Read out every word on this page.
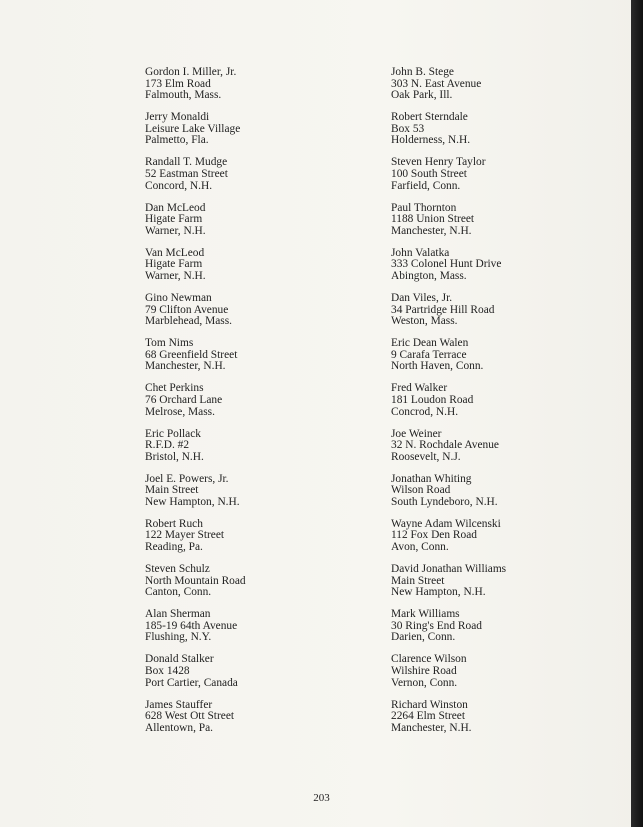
Gordon I. Miller, Jr.
173 Elm Road
Falmouth, Mass.
Jerry Monaldi
Leisure Lake Village
Palmetto, Fla.
Randall T. Mudge
52 Eastman Street
Concord, N.H.
Dan McLeod
Higate Farm
Warner, N.H.
Van McLeod
Higate Farm
Warner, N.H.
Gino Newman
79 Clifton Avenue
Marblehead, Mass.
Tom Nims
68 Greenfield Street
Manchester, N.H.
Chet Perkins
76 Orchard Lane
Melrose, Mass.
Eric Pollack
R.F.D. #2
Bristol, N.H.
Joel E. Powers, Jr.
Main Street
New Hampton, N.H.
Robert Ruch
122 Mayer Street
Reading, Pa.
Steven Schulz
North Mountain Road
Canton, Conn.
Alan Sherman
185-19 64th Avenue
Flushing, N.Y.
Donald Stalker
Box 1428
Port Cartier, Canada
James Stauffer
628 West Ott Street
Allentown, Pa.
John B. Stege
303 N. East Avenue
Oak Park, Ill.
Robert Sterndale
Box 53
Holderness, N.H.
Steven Henry Taylor
100 South Street
Farfield, Conn.
Paul Thornton
1188 Union Street
Manchester, N.H.
John Valatka
333 Colonel Hunt Drive
Abington, Mass.
Dan Viles, Jr.
34 Partridge Hill Road
Weston, Mass.
Eric Dean Walen
9 Carafa Terrace
North Haven, Conn.
Fred Walker
181 Loudon Road
Concrod, N.H.
Joe Weiner
32 N. Rochdale Avenue
Roosevelt, N.J.
Jonathan Whiting
Wilson Road
South Lyndeboro, N.H.
Wayne Adam Wilcenski
112 Fox Den Road
Avon, Conn.
David Jonathan Williams
Main Street
New Hampton, N.H.
Mark Williams
30 Ring's End Road
Darien, Conn.
Clarence Wilson
Wilshire Road
Vernon, Conn.
Richard Winston
2264 Elm Street
Manchester, N.H.
203
